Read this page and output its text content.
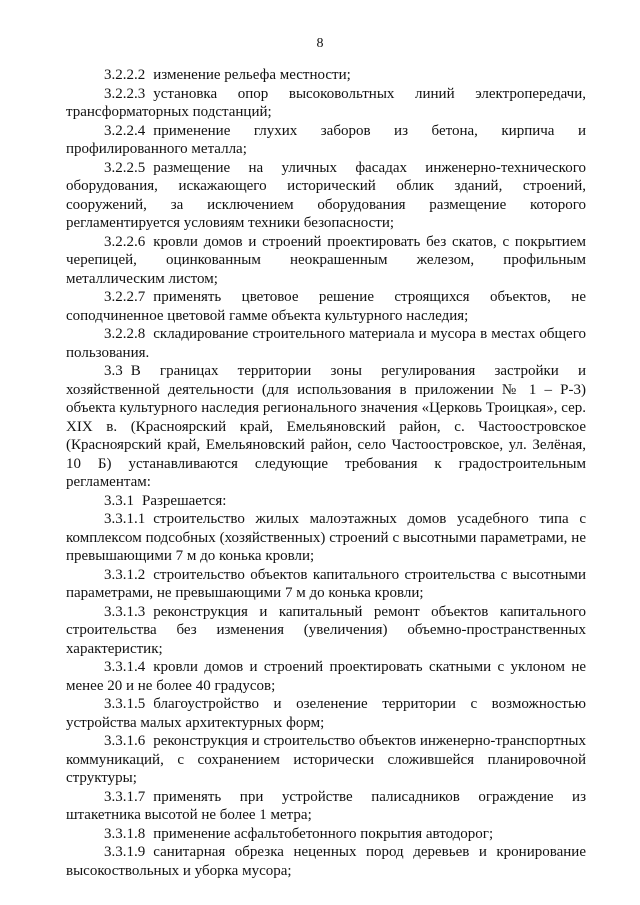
8

3.2.2.2 изменение рельефа местности;

3.2.2.3 установка опор высоковольтных линий электропередачи, трансформаторных подстанций;

3.2.2.4 применение глухих заборов из бетона, кирпича и профилированного металла;

3.2.2.5 размещение на уличных фасадах инженерно-технического оборудования, искажающего исторический облик зданий, строений, сооружений, за исключением оборудования размещение которого регламентируется условиям техники безопасности;

3.2.2.6 кровли домов и строений проектировать без скатов, с покрытием черепицей, оцинкованным неокрашенным железом, профильным металлическим листом;

3.2.2.7 применять цветовое решение строящихся объектов, не соподчиненное цветовой гамме объекта культурного наследия;

3.2.2.8 складирование строительного материала и мусора в местах общего пользования.

3.3 В границах территории зоны регулирования застройки и хозяйственной деятельности (для использования в приложении № 1 – Р-3) объекта культурного наследия регионального значения «Церковь Троицкая», сер. XIX в. (Красноярский край, Емельяновский район, с. Частоостровское (Красноярский край, Емельяновский район, село Частоостровское, ул. Зелёная, 10 Б) устанавливаются следующие требования к градостроительным регламентам:

3.3.1 Разрешается:

3.3.1.1 строительство жилых малоэтажных домов усадебного типа с комплексом подсобных (хозяйственных) строений с высотными параметрами, не превышающими 7 м до конька кровли;

3.3.1.2 строительство объектов капитального строительства с высотными параметрами, не превышающими 7 м до конька кровли;

3.3.1.3 реконструкция и капитальный ремонт объектов капитального строительства без изменения (увеличения) объемно-пространственных характеристик;

3.3.1.4 кровли домов и строений проектировать скатными с уклоном не менее 20 и не более 40 градусов;

3.3.1.5 благоустройство и озеленение территории с возможностью устройства малых архитектурных форм;

3.3.1.6 реконструкция и строительство объектов инженерно-транспортных коммуникаций, с сохранением исторически сложившейся планировочной структуры;

3.3.1.7 применять при устройстве палисадников ограждение из штакетника высотой не более 1 метра;

3.3.1.8 применение асфальтобетонного покрытия автодорог;

3.3.1.9 санитарная обрезка неценных пород деревьев и кронирование высокоствольных и уборка мусора;
